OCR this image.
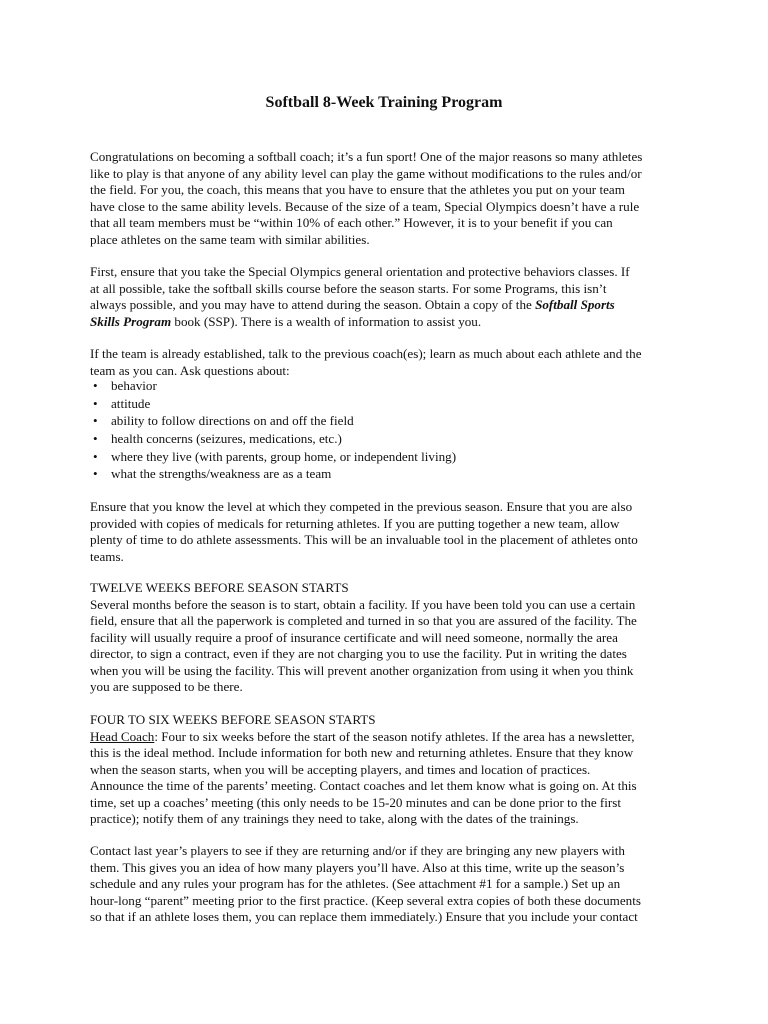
Softball 8-Week Training Program
Congratulations on becoming a softball coach; it’s a fun sport! One of the major reasons so many athletes
like to play is that anyone of any ability level can play the game without modifications to the rules and/or
the field. For you, the coach, this means that you have to ensure that the athletes you put on your team
have close to the same ability levels. Because of the size of a team, Special Olympics doesn’t have a rule
that all team members must be “within 10% of each other.” However, it is to your benefit if you can
place athletes on the same team with similar abilities.
First, ensure that you take the Special Olympics general orientation and protective behaviors classes. If
at all possible, take the softball skills course before the season starts. For some Programs, this isn’t
always possible, and you may have to attend during the season. Obtain a copy of the Softball Sports
Skills Program book (SSP). There is a wealth of information to assist you.
If the team is already established, talk to the previous coach(es); learn as much about each athlete and the
team as you can. Ask questions about:
• behavior
• attitude
• ability to follow directions on and off the field
• health concerns (seizures, medications, etc.)
• where they live (with parents, group home, or independent living)
• what the strengths/weakness are as a team
Ensure that you know the level at which they competed in the previous season. Ensure that you are also
provided with copies of medicals for returning athletes. If you are putting together a new team, allow
plenty of time to do athlete assessments. This will be an invaluable tool in the placement of athletes onto
teams.
TWELVE WEEKS BEFORE SEASON STARTS
Several months before the season is to start, obtain a facility. If you have been told you can use a certain
field, ensure that all the paperwork is completed and turned in so that you are assured of the facility. The
facility will usually require a proof of insurance certificate and will need someone, normally the area
director, to sign a contract, even if they are not charging you to use the facility. Put in writing the dates
when you will be using the facility. This will prevent another organization from using it when you think
you are supposed to be there.
FOUR TO SIX WEEKS BEFORE SEASON STARTS
Head Coach: Four to six weeks before the start of the season notify athletes. If the area has a newsletter,
this is the ideal method. Include information for both new and returning athletes. Ensure that they know
when the season starts, when you will be accepting players, and times and location of practices.
Announce the time of the parents’ meeting. Contact coaches and let them know what is going on. At this
time, set up a coaches’ meeting (this only needs to be 15-20 minutes and can be done prior to the first
practice); notify them of any trainings they need to take, along with the dates of the trainings.
Contact last year’s players to see if they are returning and/or if they are bringing any new players with
them. This gives you an idea of how many players you’ll have. Also at this time, write up the season’s
schedule and any rules your program has for the athletes. (See attachment #1 for a sample.) Set up an
hour-long “parent” meeting prior to the first practice. (Keep several extra copies of both these documents
so that if an athlete loses them, you can replace them immediately.) Ensure that you include your contact
